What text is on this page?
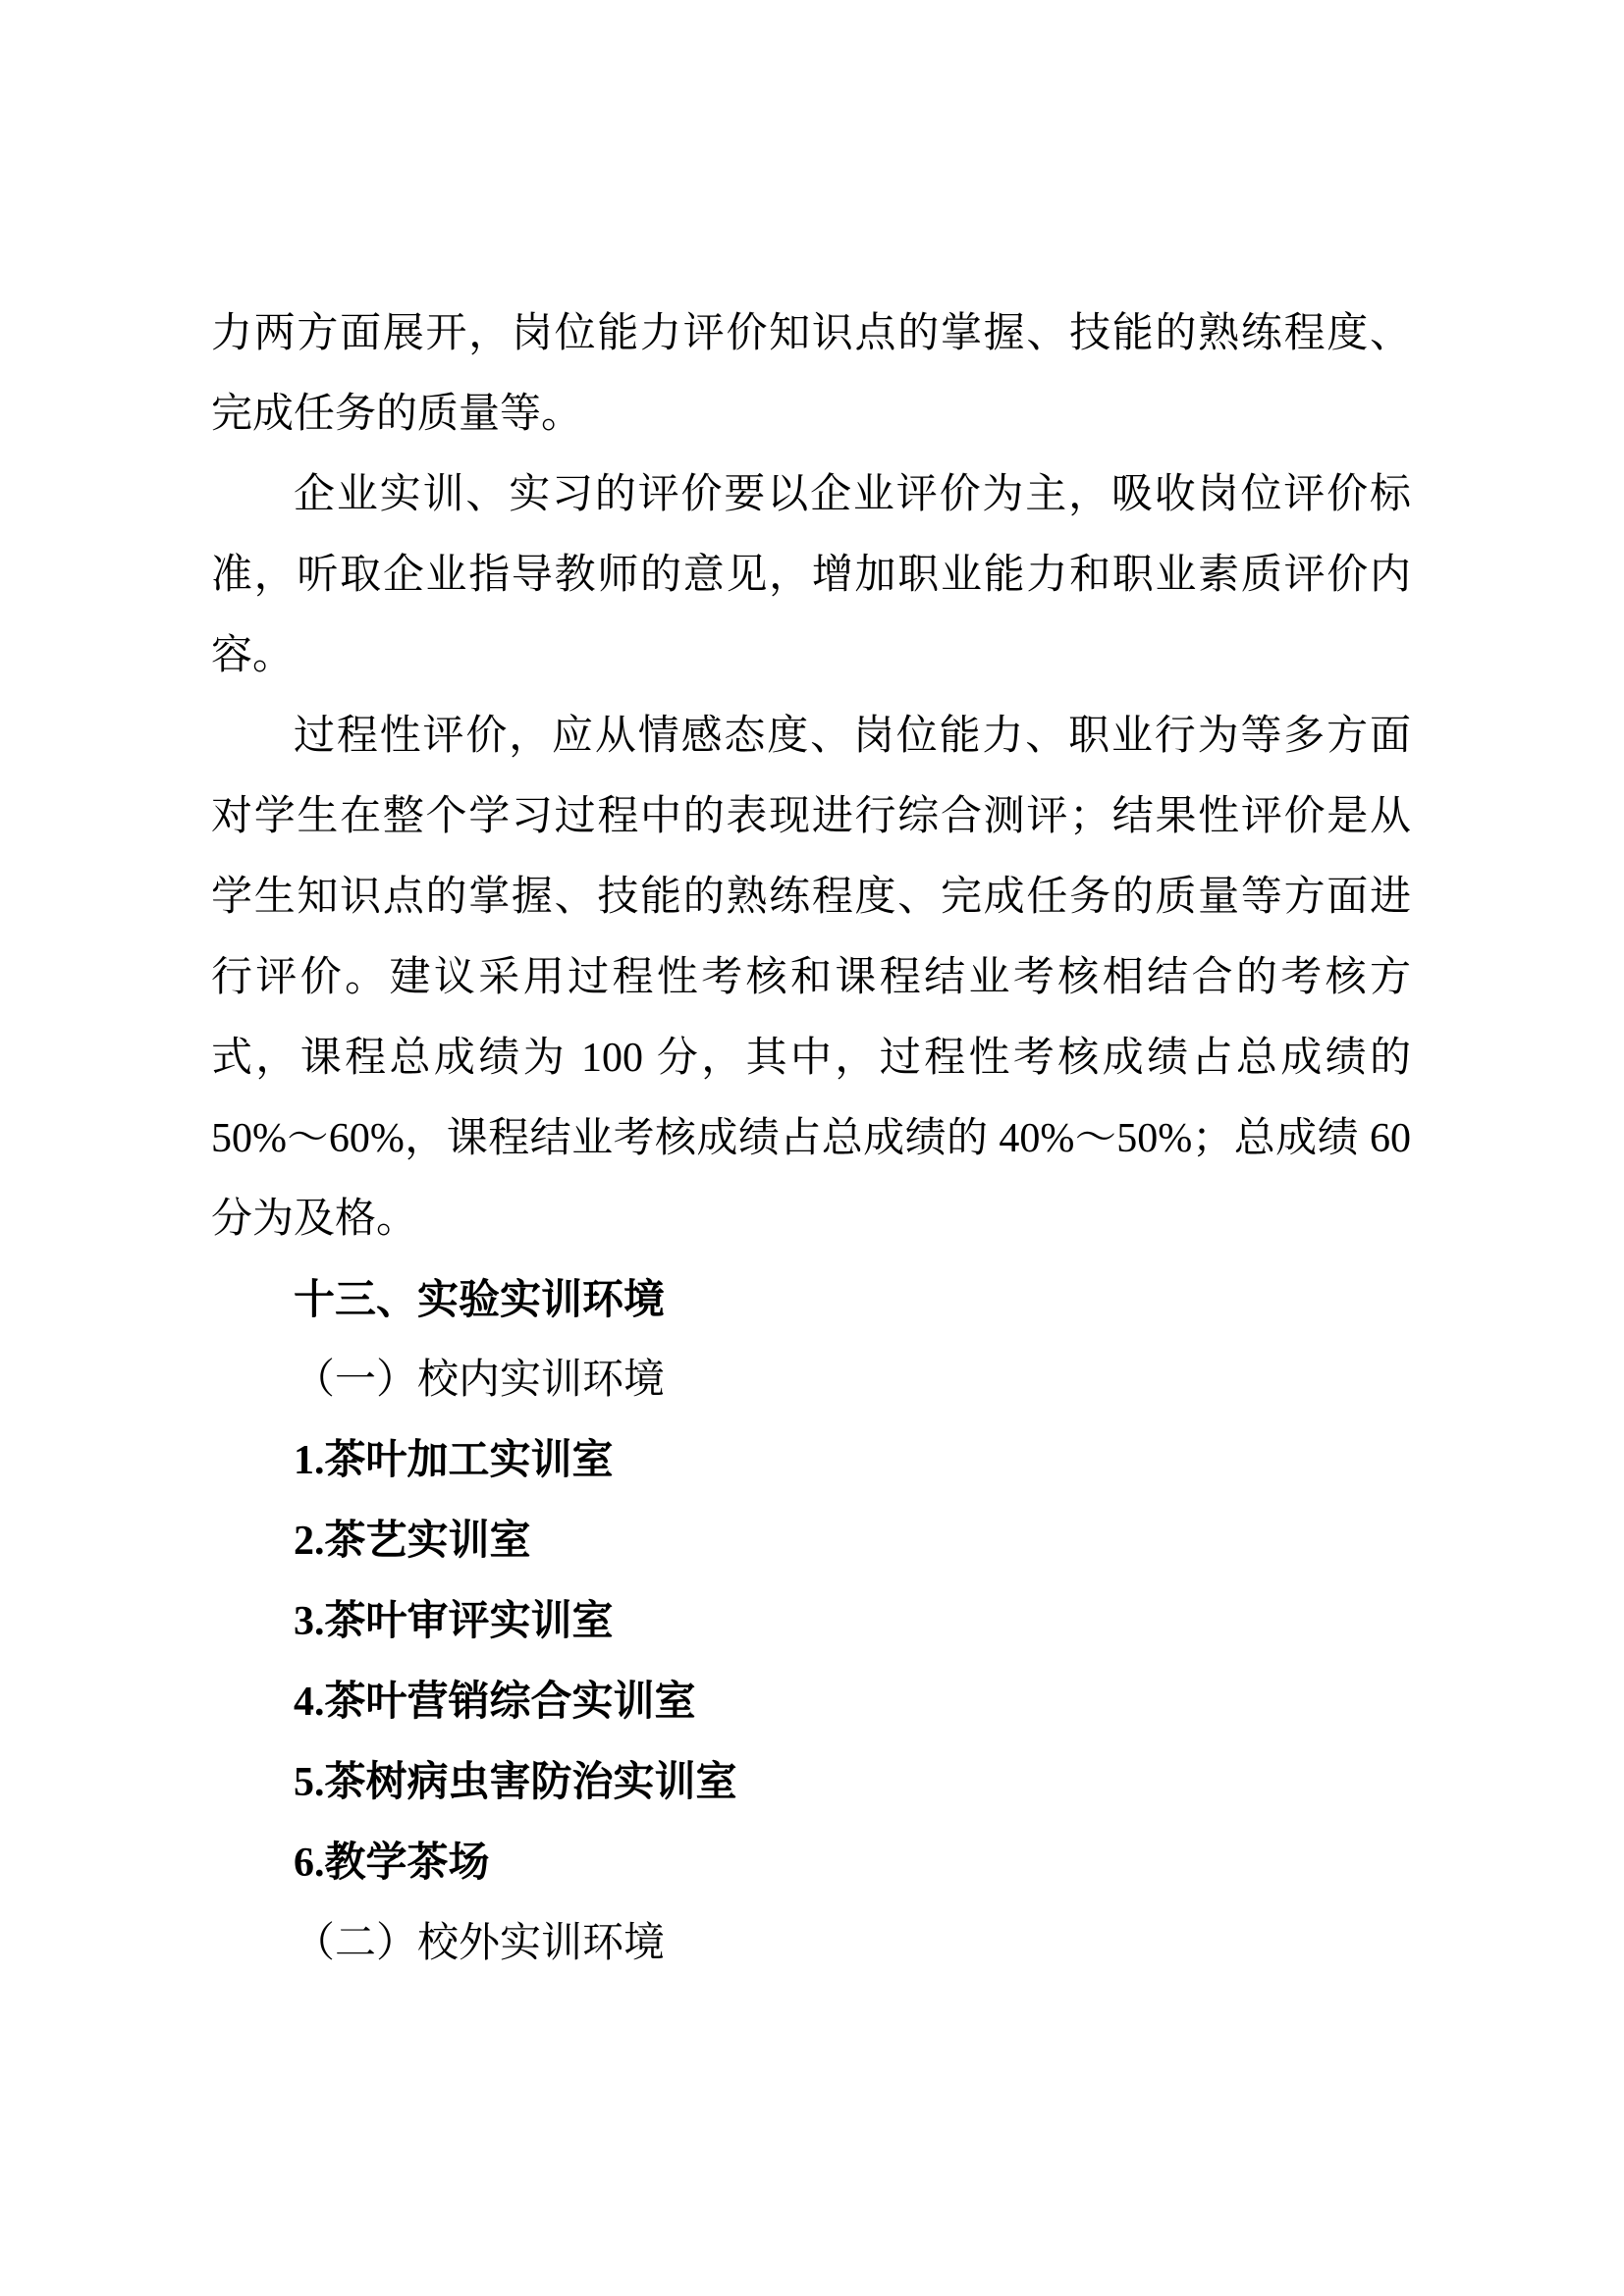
力两方面展开，岗位能力评价知识点的掌握、技能的熟练程度、
完成任务的质量等。
企业实训、实习的评价要以企业评价为主，吸收岗位评价标
准，听取企业指导教师的意见，增加职业能力和职业素质评价内
容。
过程性评价，应从情感态度、岗位能力、职业行为等多方面
对学生在整个学习过程中的表现进行综合测评；结果性评价是从
学生知识点的掌握、技能的熟练程度、完成任务的质量等方面进
行评价。建议采用过程性考核和课程结业考核相结合的考核方
式，课程总成绩为 100 分，其中，过程性考核成绩占总成绩的
50%～60%，课程结业考核成绩占总成绩的 40%～50%；总成绩 60
分为及格。
十三、实验实训环境
（一）校内实训环境
1.茶叶加工实训室
2.茶艺实训室
3.茶叶审评实训室
4.茶叶营销综合实训室
5.茶树病虫害防治实训室
6.教学茶场
（二）校外实训环境
